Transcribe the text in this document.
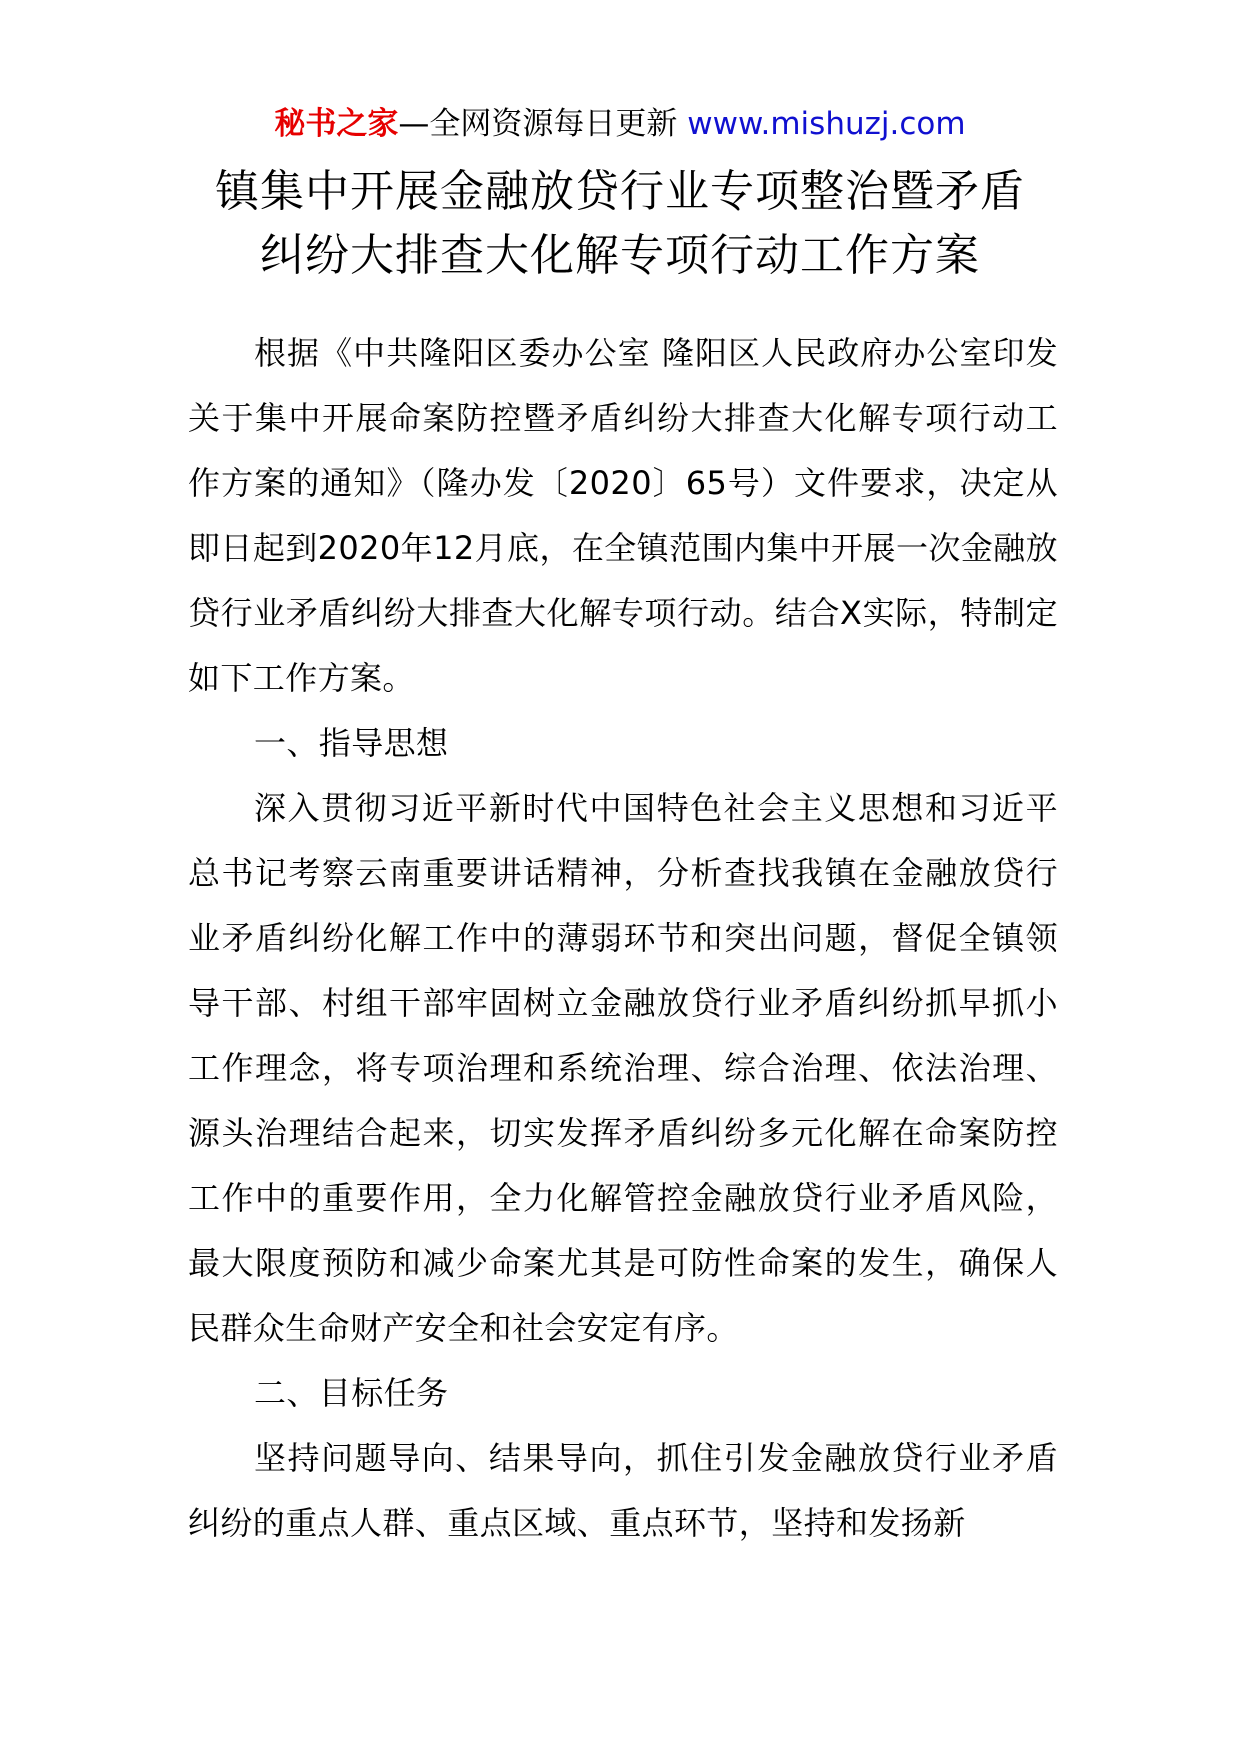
秘书之家—全网资源每日更新 www.mishuzj.com
镇集中开展金融放贷行业专项整治暨矛盾
纠纷大排查大化解专项行动工作方案

根据《中共隆阳区委办公室 隆阳区人民政府办公室印发关于集中开展命案防控暨矛盾纠纷大排查大化解专项行动工作方案的通知》（隆办发〔2020〕65号）文件要求，决定从即日起到2020年12月底，在全镇范围内集中开展一次金融放贷行业矛盾纠纷大排查大化解专项行动。结合X实际，特制定如下工作方案。

一、指导思想

深入贯彻习近平新时代中国特色社会主义思想和习近平总书记考察云南重要讲话精神，分析查找我镇在金融放贷行业矛盾纠纷化解工作中的薄弱环节和突出问题，督促全镇领导干部、村组干部牢固树立金融放贷行业矛盾纠纷抓早抓小工作理念，将专项治理和系统治理、综合治理、依法治理、源头治理结合起来，切实发挥矛盾纠纷多元化解在命案防控工作中的重要作用，全力化解管控金融放贷行业矛盾风险，最大限度预防和减少命案尤其是可防性命案的发生，确保人民群众生命财产安全和社会安定有序。

二、目标任务

坚持问题导向、结果导向，抓住引发金融放贷行业矛盾纠纷的重点人群、重点区域、重点环节，坚持和发扬新
